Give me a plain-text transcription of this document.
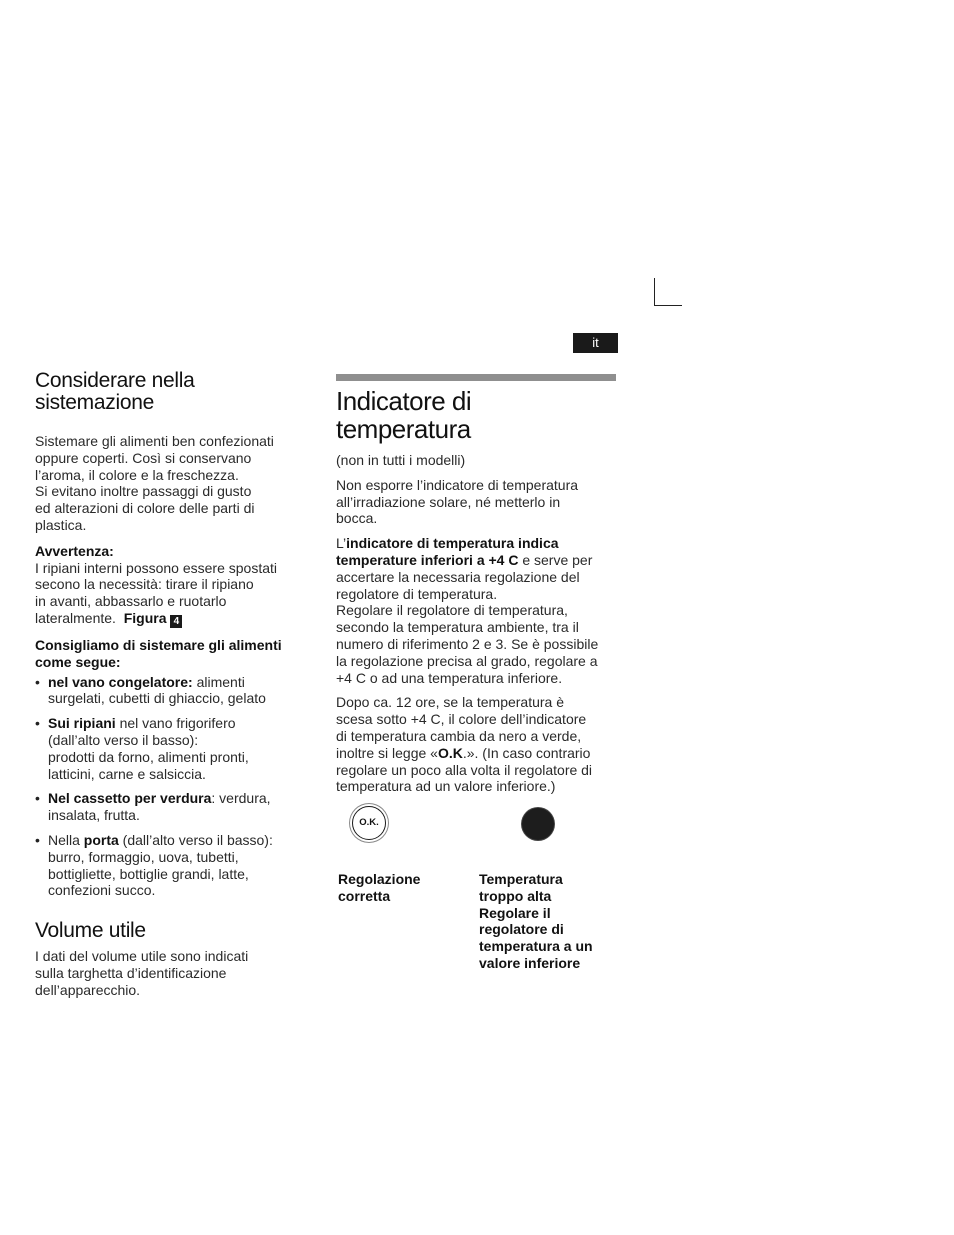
it
Considerare nella sistemazione

Sistemare gli alimenti ben confezionati

oppure coperti. Così si conservano

l’aroma, il colore e la freschezza.

Si evitano inoltre passaggi di gusto

ed alterazioni di colore delle parti di

plastica.

Avvertenza:

I ripiani interni possono essere spostati

secono la necessità: tirare il ripiano

in avanti, abbassarlo e ruotarlo

lateralmente. Figura 4

Consigliamo di sistemare gli alimenti

come segue:

• nel vano congelatore: alimenti
surgelati, cubetti di ghiaccio, gelato
• Sui ripiani nel vano frigorifero
(dall’alto verso il basso):
prodotti da forno, alimenti pronti,
latticini, carne e salsiccia.
• Nel cassetto per verdura: verdura,
insalata, frutta.
• Nella porta (dall’alto verso il basso):
burro, formaggio, uova, tubetti,
bottigliette, bottiglie grandi, latte,
confezioni succo.
Volume utile

I dati del volume utile sono indicati

sulla targhetta d’identificazione

dell’apparecchio.

Indicatore di
temperatura

(non in tutti i modelli)

Non esporre l’indicatore di temperatura

all’irradiazione solare, né metterlo in

bocca.

L’indicatore di temperatura indica

temperature inferiori a +4 C e serve per

accertare la necessaria regolazione del

regolatore di temperatura.

Regolare il regolatore di temperatura,

secondo la temperatura ambiente, tra il

numero di riferimento 2 e 3. Se è possibile

la regolazione precisa al grado, regolare a

+4 C o ad una temperatura inferiore.

Dopo ca. 12 ore, se la temperatura è

scesa sotto +4 C, il colore dell’indicatore

di temperatura cambia da nero a verde,

inoltre si legge «O.K.». (In caso contrario

regolare un poco alla volta il regolatore di

temperatura ad un valore inferiore.)

O.K.
Regolazione
corretta
Temperatura
troppo alta
Regolare il
regolatore di
temperatura a un
valore inferiore
